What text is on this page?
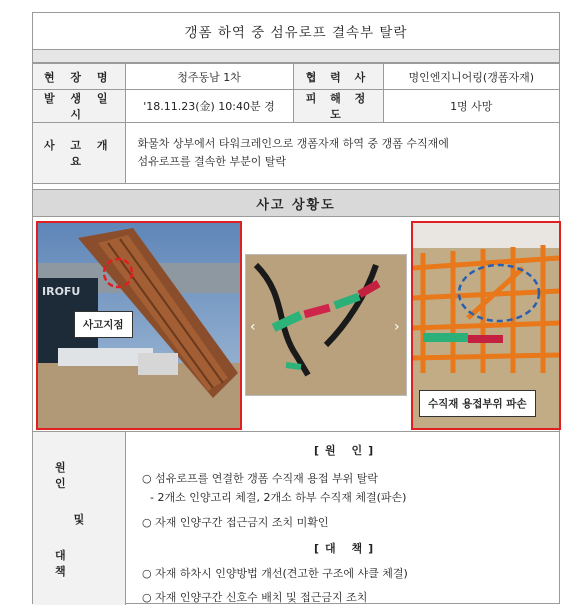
갱폼 하역 중 섬유로프 결속부 탈락
현 장 명	청주동남 1차	협 력 사	명인엔지니어링(갱폼자재)
발 생 일 시	'18.11.23(金) 10:40분 경	피 해 정 도	1명 사망
사 고 개 요	화물차 상부에서 타워크레인으로 갱폼자재 하역 중 갱폼 수직재에
섬유로프를 결속한 부분이 탈락		
사고 상황도
IROFU
사고지점	‹	›
수직재 용접부위 파손
원 인
및
대 책
[원 인]
○ 섬유로프를 연결한 갱폼 수직재 용접 부위 탈락
- 2개소 인양고리 체결, 2개소 하부 수직재 체결(파손)
○ 자재 인양구간 접근금지 조치 미확인
[대 책]
○ 자재 하차시 인양방법 개선(견고한 구조에 샤클 체결)
○ 자재 인양구간 신호수 배치 및 접근금지 조치
